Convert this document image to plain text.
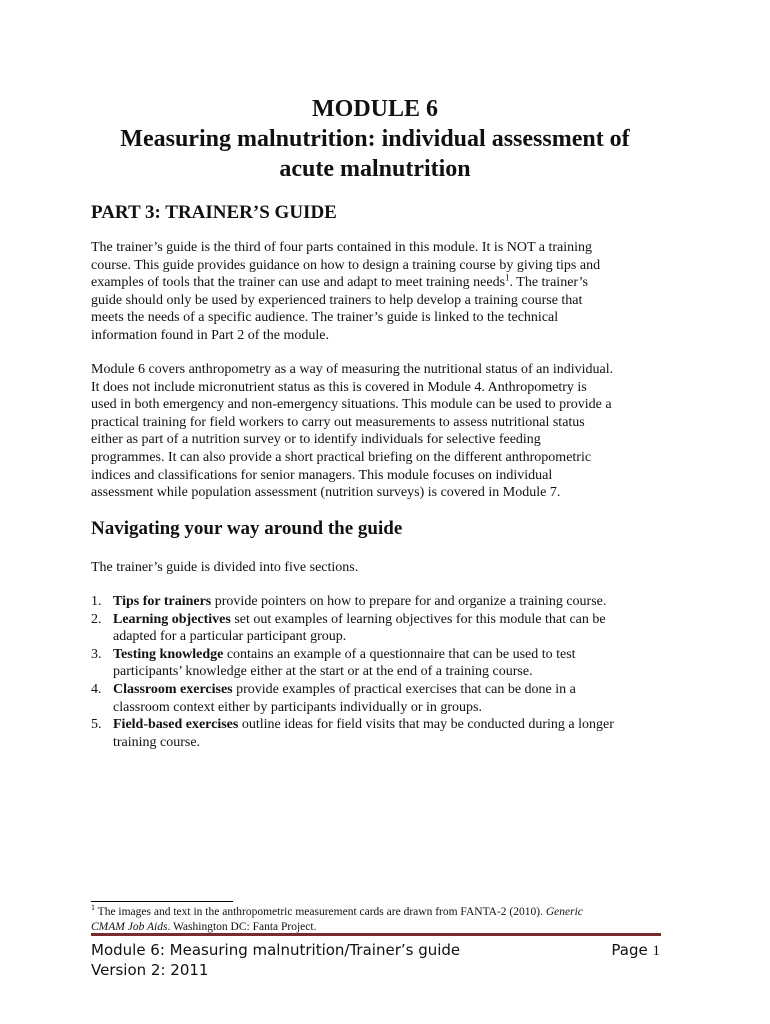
MODULE 6
Measuring malnutrition: individual assessment of
acute malnutrition
PART 3: TRAINER’S GUIDE

The trainer’s guide is the third of four parts contained in this module. It is NOT a training
course. This guide provides guidance on how to design a training course by giving tips and
examples of tools that the trainer can use and adapt to meet training needs$^1$. The trainer’s
guide should only be used by experienced trainers to help develop a training course that
meets the needs of a specific audience. The trainer’s guide is linked to the technical
information found in Part 2 of the module.

Module 6 covers anthropometry as a way of measuring the nutritional status of an individual.
It does not include micronutrient status as this is covered in Module 4. Anthropometry is
used in both emergency and non-emergency situations. This module can be used to provide a
practical training for field workers to carry out measurements to assess nutritional status
either as part of a nutrition survey or to identify individuals for selective feeding
programmes. It can also provide a short practical briefing on the different anthropometric
indices and classifications for senior managers. This module focuses on individual
assessment while population assessment (nutrition surveys) is covered in Module 7.

Navigating your way around the guide

The trainer’s guide is divided into five sections.

1. Tips for trainers provide pointers on how to prepare for and organize a training course.
2. Learning objectives set out examples of learning objectives for this module that can be
adapted for a particular participant group.
3. Testing knowledge contains an example of a questionnaire that can be used to test
participants’ knowledge either at the start or at the end of a training course.
4. Classroom exercises provide examples of practical exercises that can be done in a
classroom context either by participants individually or in groups.
5. Field-based exercises outline ideas for field visits that may be conducted during a longer
training course.
$^1$ The images and text in the anthropometric measurement cards are drawn from FANTA-2 (2010). Generic
CMAM Job Aids. Washington DC: Fanta Project.
Module 6: Measuring malnutrition/Trainer’s guide
Version 2: 2011
Page 1
